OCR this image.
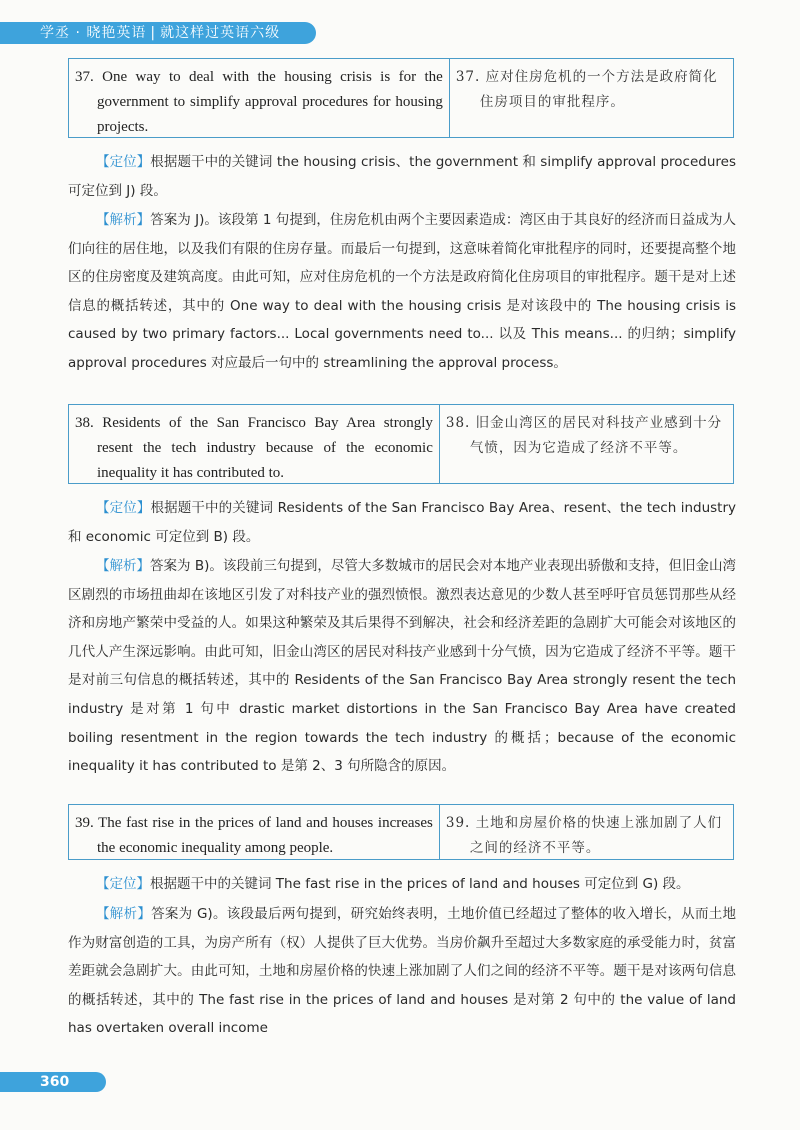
学丞 · 晓艳英语 | 就这样过英语六级
37. One way to deal with the housing crisis is for the government to simplify approval procedures for housing projects.
37. 应对住房危机的一个方法是政府简化住房项目的审批程序。
【定位】根据题干中的关键词 the housing crisis、the government 和 simplify approval procedures 可定位到 J) 段。
【解析】答案为 J)。该段第 1 句提到，住房危机由两个主要因素造成：湾区由于其良好的经济而日益成为人们向往的居住地，以及我们有限的住房存量。而最后一句提到，这意味着简化审批程序的同时，还要提高整个地区的住房密度及建筑高度。由此可知，应对住房危机的一个方法是政府简化住房项目的审批程序。题干是对上述信息的概括转述，其中的 One way to deal with the housing crisis 是对该段中的 The housing crisis is caused by two primary factors... Local governments need to... 以及 This means... 的归纳；simplify approval procedures 对应最后一句中的 streamlining the approval process。
38. Residents of the San Francisco Bay Area strongly resent the tech industry because of the economic inequality it has contributed to.
38. 旧金山湾区的居民对科技产业感到十分气愤，因为它造成了经济不平等。
【定位】根据题干中的关键词 Residents of the San Francisco Bay Area、resent、the tech industry 和 economic 可定位到 B) 段。
【解析】答案为 B)。该段前三句提到，尽管大多数城市的居民会对本地产业表现出骄傲和支持，但旧金山湾区剧烈的市场扭曲却在该地区引发了对科技产业的强烈愤恨。激烈表达意见的少数人甚至呼吁官员惩罚那些从经济和房地产繁荣中受益的人。如果这种繁荣及其后果得不到解决，社会和经济差距的急剧扩大可能会对该地区的几代人产生深远影响。由此可知，旧金山湾区的居民对科技产业感到十分气愤，因为它造成了经济不平等。题干是对前三句信息的概括转述，其中的 Residents of the San Francisco Bay Area strongly resent the tech industry 是对第 1 句中 drastic market distortions in the San Francisco Bay Area have created boiling resentment in the region towards the tech industry 的概括；because of the economic inequality it has contributed to 是第 2、3 句所隐含的原因。
39. The fast rise in the prices of land and houses increases the economic inequality among people.
39. 土地和房屋价格的快速上涨加剧了人们之间的经济不平等。
【定位】根据题干中的关键词 The fast rise in the prices of land and houses 可定位到 G) 段。
【解析】答案为 G)。该段最后两句提到，研究始终表明，土地价值已经超过了整体的收入增长，从而土地作为财富创造的工具，为房产所有（权）人提供了巨大优势。当房价飙升至超过大多数家庭的承受能力时，贫富差距就会急剧扩大。由此可知，土地和房屋价格的快速上涨加剧了人们之间的经济不平等。题干是对该两句信息的概括转述，其中的 The fast rise in the prices of land and houses 是对第 2 句中的 the value of land has overtaken overall income
360
